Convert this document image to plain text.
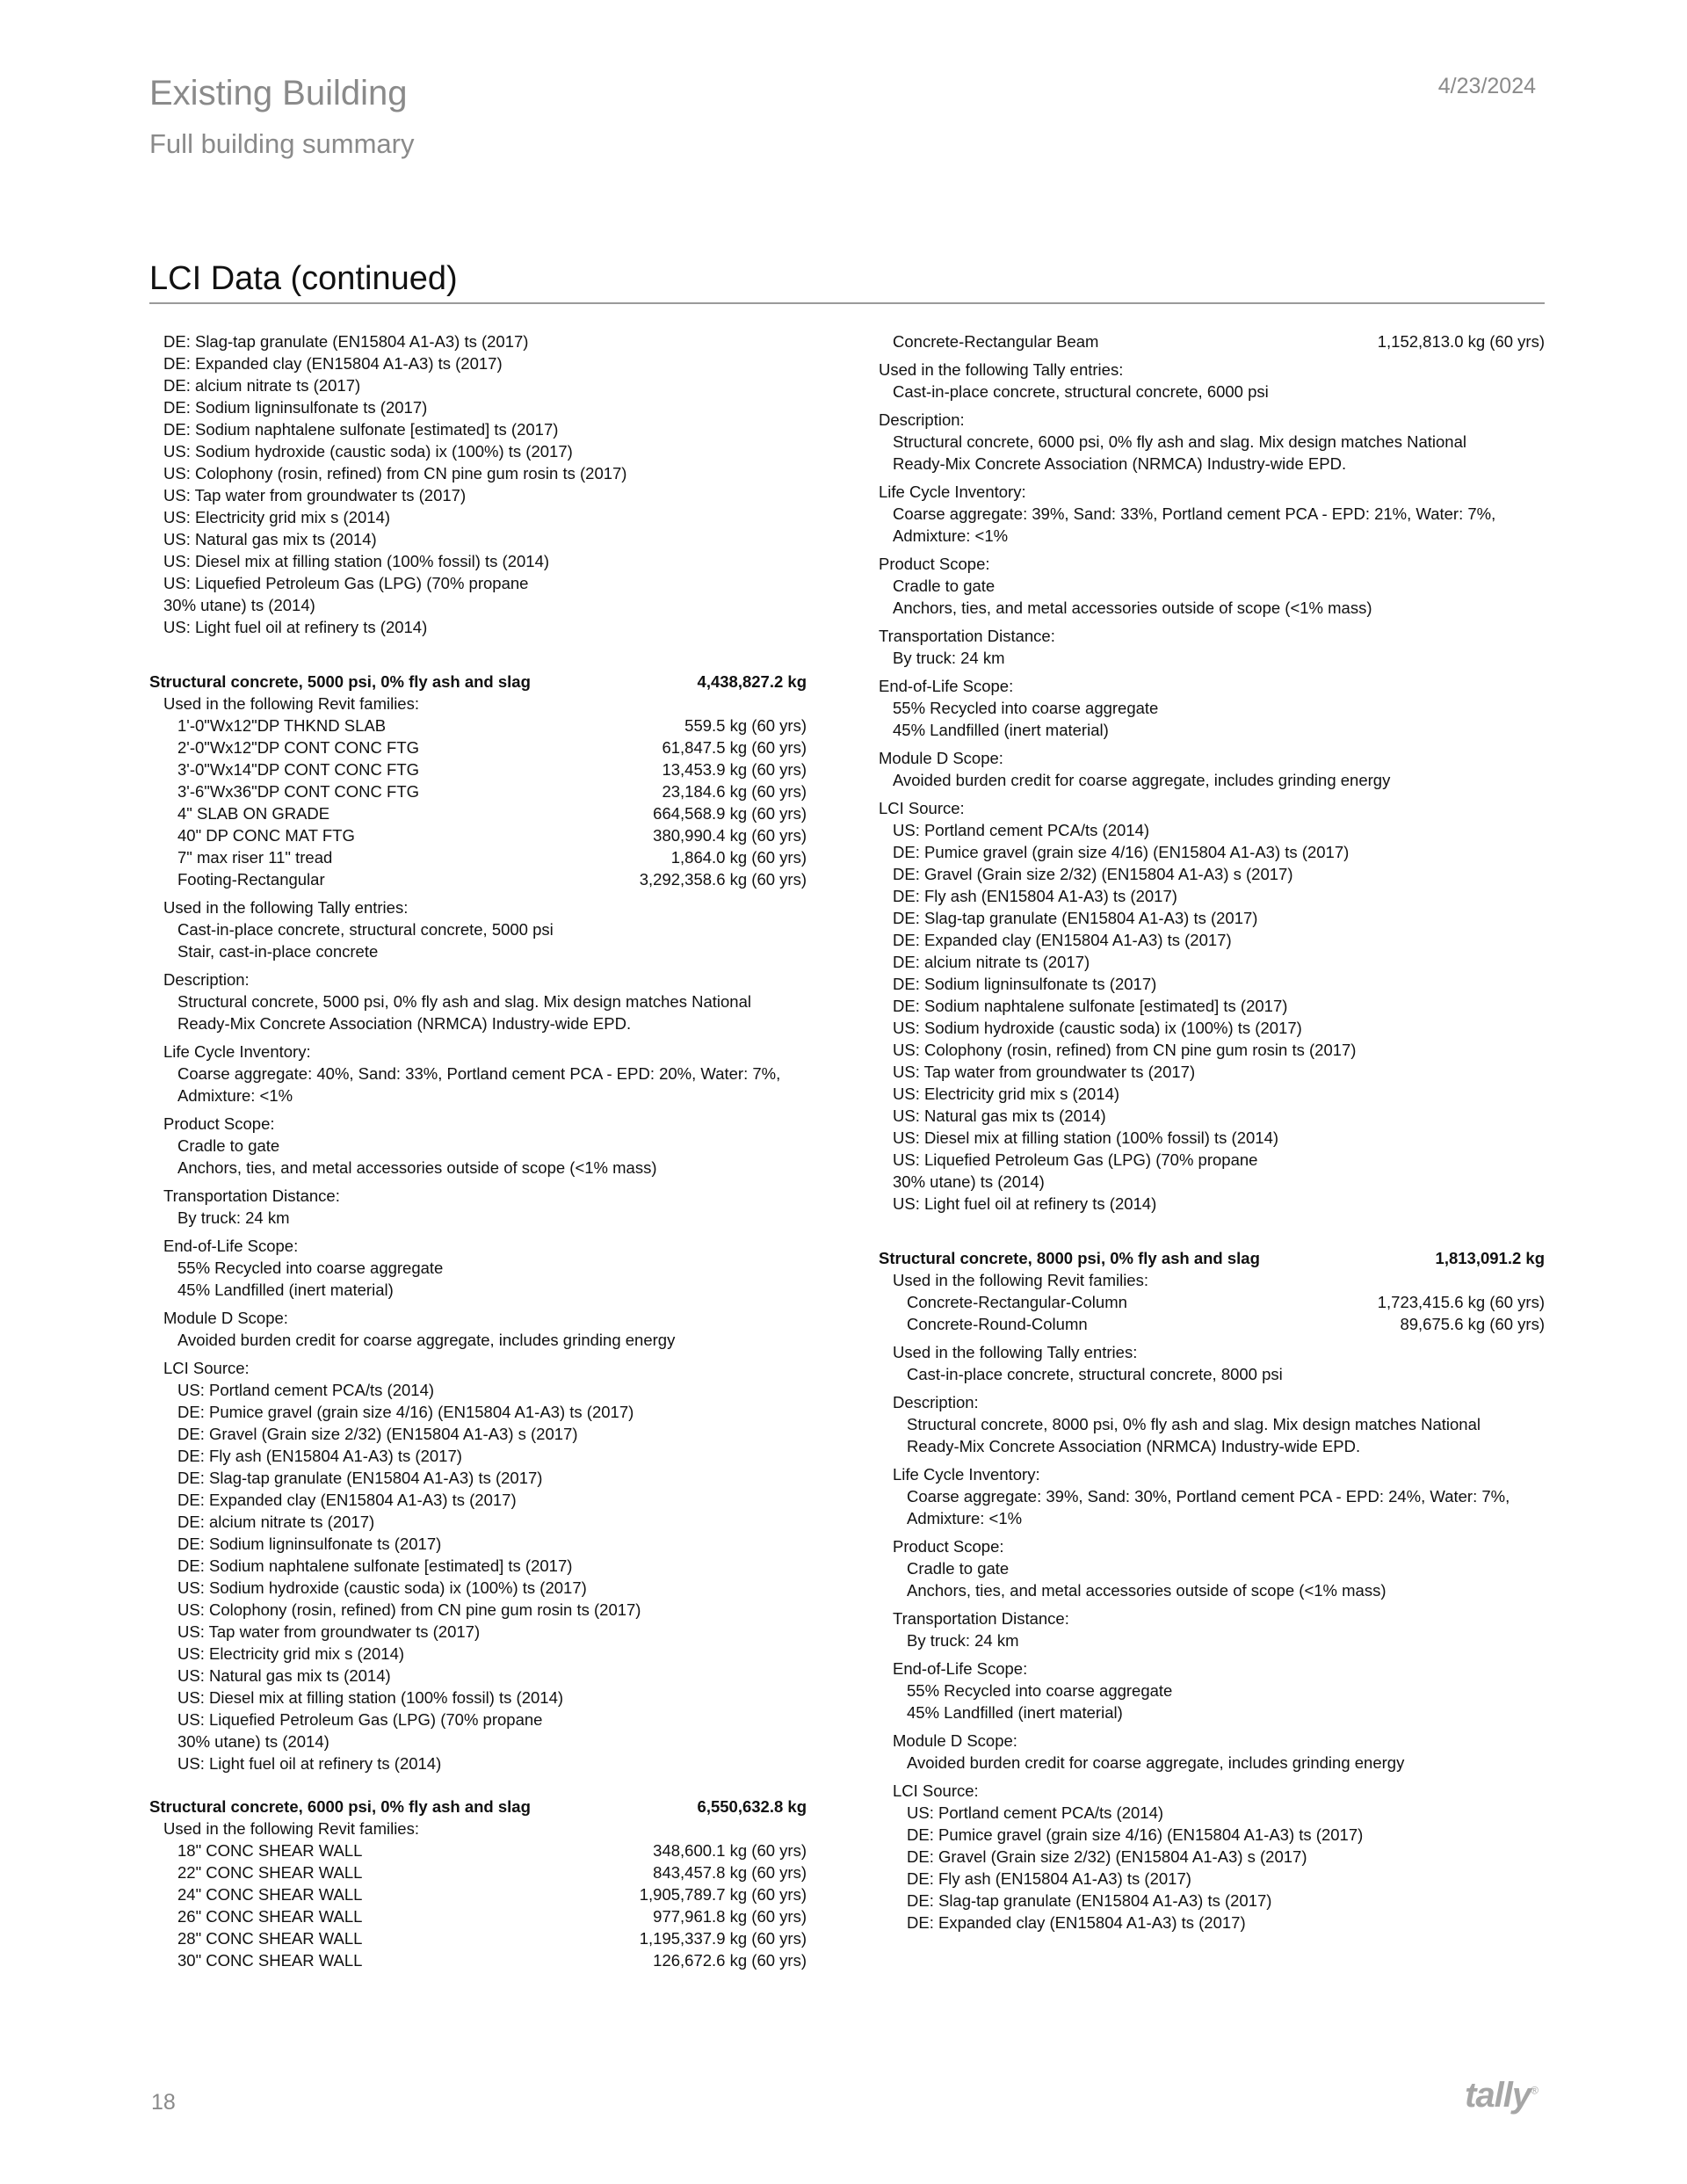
Existing Building
Full building summary
4/23/2024
LCI Data (continued)
DE: Slag-tap granulate (EN15804 A1-A3) ts (2017)
DE: Expanded clay (EN15804 A1-A3) ts (2017)
DE: alcium nitrate ts (2017)
DE: Sodium ligninsulfonate ts (2017)
DE: Sodium naphtalene sulfonate [estimated] ts (2017)
US: Sodium hydroxide (caustic soda) ix (100%) ts (2017)
US: Colophony (rosin, refined) from CN pine gum rosin ts (2017)
US: Tap water from groundwater ts (2017)
US: Electricity grid mix s (2014)
US: Natural gas mix ts (2014)
US: Diesel mix at filling station (100% fossil) ts (2014)
US: Liquefied Petroleum Gas (LPG) (70% propane
30% utane) ts (2014)
US: Light fuel oil at refinery ts (2014)
Structural concrete, 5000 psi, 0% fly ash and slag	4,438,827.2 kg
Used in the following Revit families:
1'-0"Wx12"DP THKND SLAB	559.5 kg (60 yrs)
2'-0"Wx12"DP CONT CONC FTG	61,847.5 kg (60 yrs)
3'-0"Wx14"DP CONT CONC FTG	13,453.9 kg (60 yrs)
3'-6"Wx36"DP CONT CONC FTG	23,184.6 kg (60 yrs)
4" SLAB ON GRADE	664,568.9 kg (60 yrs)
40" DP CONC MAT FTG	380,990.4 kg (60 yrs)
7" max riser 11" tread	1,864.0 kg (60 yrs)
Footing-Rectangular	3,292,358.6 kg (60 yrs)
Used in the following Tally entries:
Cast-in-place concrete, structural concrete, 5000 psi
Stair, cast-in-place concrete
Description:
Structural concrete, 5000 psi, 0% fly ash and slag. Mix design matches National
Ready-Mix Concrete Association (NRMCA) Industry-wide EPD.
Life Cycle Inventory:
Coarse aggregate: 40%, Sand: 33%, Portland cement PCA - EPD: 20%, Water: 7%,
Admixture: <1%
Product Scope:
Cradle to gate
Anchors, ties, and metal accessories outside of scope (<1% mass)
Transportation Distance:
By truck: 24 km
End-of-Life Scope:
55% Recycled into coarse aggregate
45% Landfilled (inert material)
Module D Scope:
Avoided burden credit for coarse aggregate, includes grinding energy
LCI Source:
US: Portland cement PCA/ts (2014)
DE: Pumice gravel (grain size 4/16) (EN15804 A1-A3) ts (2017)
DE: Gravel (Grain size 2/32) (EN15804 A1-A3) s (2017)
DE: Fly ash (EN15804 A1-A3) ts (2017)
DE: Slag-tap granulate (EN15804 A1-A3) ts (2017)
DE: Expanded clay (EN15804 A1-A3) ts (2017)
DE: alcium nitrate ts (2017)
DE: Sodium ligninsulfonate ts (2017)
DE: Sodium naphtalene sulfonate [estimated] ts (2017)
US: Sodium hydroxide (caustic soda) ix (100%) ts (2017)
US: Colophony (rosin, refined) from CN pine gum rosin ts (2017)
US: Tap water from groundwater ts (2017)
US: Electricity grid mix s (2014)
US: Natural gas mix ts (2014)
US: Diesel mix at filling station (100% fossil) ts (2014)
US: Liquefied Petroleum Gas (LPG) (70% propane
30% utane) ts (2014)
US: Light fuel oil at refinery ts (2014)
Structural concrete, 6000 psi, 0% fly ash and slag	6,550,632.8 kg
Used in the following Revit families:
18" CONC SHEAR WALL	348,600.1 kg (60 yrs)
22" CONC SHEAR WALL	843,457.8 kg (60 yrs)
24" CONC SHEAR WALL	1,905,789.7 kg (60 yrs)
26" CONC SHEAR WALL	977,961.8 kg (60 yrs)
28" CONC SHEAR WALL	1,195,337.9 kg (60 yrs)
30" CONC SHEAR WALL	126,672.6 kg (60 yrs)
Concrete-Rectangular Beam	1,152,813.0 kg (60 yrs)
Used in the following Tally entries:
Cast-in-place concrete, structural concrete, 6000 psi
Description:
Structural concrete, 6000 psi, 0% fly ash and slag. Mix design matches National
Ready-Mix Concrete Association (NRMCA) Industry-wide EPD.
Life Cycle Inventory:
Coarse aggregate: 39%, Sand: 33%, Portland cement PCA - EPD: 21%, Water: 7%,
Admixture: <1%
Product Scope:
Cradle to gate
Anchors, ties, and metal accessories outside of scope (<1% mass)
Transportation Distance:
By truck: 24 km
End-of-Life Scope:
55% Recycled into coarse aggregate
45% Landfilled (inert material)
Module D Scope:
Avoided burden credit for coarse aggregate, includes grinding energy
LCI Source:
US: Portland cement PCA/ts (2014)
DE: Pumice gravel (grain size 4/16) (EN15804 A1-A3) ts (2017)
DE: Gravel (Grain size 2/32) (EN15804 A1-A3) s (2017)
DE: Fly ash (EN15804 A1-A3) ts (2017)
DE: Slag-tap granulate (EN15804 A1-A3) ts (2017)
DE: Expanded clay (EN15804 A1-A3) ts (2017)
DE: alcium nitrate ts (2017)
DE: Sodium ligninsulfonate ts (2017)
DE: Sodium naphtalene sulfonate [estimated] ts (2017)
US: Sodium hydroxide (caustic soda) ix (100%) ts (2017)
US: Colophony (rosin, refined) from CN pine gum rosin ts (2017)
US: Tap water from groundwater ts (2017)
US: Electricity grid mix s (2014)
US: Natural gas mix ts (2014)
US: Diesel mix at filling station (100% fossil) ts (2014)
US: Liquefied Petroleum Gas (LPG) (70% propane
30% utane) ts (2014)
US: Light fuel oil at refinery ts (2014)
Structural concrete, 8000 psi, 0% fly ash and slag	1,813,091.2 kg
Used in the following Revit families:
Concrete-Rectangular-Column	1,723,415.6 kg (60 yrs)
Concrete-Round-Column	89,675.6 kg (60 yrs)
Used in the following Tally entries:
Cast-in-place concrete, structural concrete, 8000 psi
Description:
Structural concrete, 8000 psi, 0% fly ash and slag. Mix design matches National
Ready-Mix Concrete Association (NRMCA) Industry-wide EPD.
Life Cycle Inventory:
Coarse aggregate: 39%, Sand: 30%, Portland cement PCA - EPD: 24%, Water: 7%,
Admixture: <1%
Product Scope:
Cradle to gate
Anchors, ties, and metal accessories outside of scope (<1% mass)
Transportation Distance:
By truck: 24 km
End-of-Life Scope:
55% Recycled into coarse aggregate
45% Landfilled (inert material)
Module D Scope:
Avoided burden credit for coarse aggregate, includes grinding energy
LCI Source:
US: Portland cement PCA/ts (2014)
DE: Pumice gravel (grain size 4/16) (EN15804 A1-A3) ts (2017)
DE: Gravel (Grain size 2/32) (EN15804 A1-A3) s (2017)
DE: Fly ash (EN15804 A1-A3) ts (2017)
DE: Slag-tap granulate (EN15804 A1-A3) ts (2017)
DE: Expanded clay (EN15804 A1-A3) ts (2017)
18	tally®
